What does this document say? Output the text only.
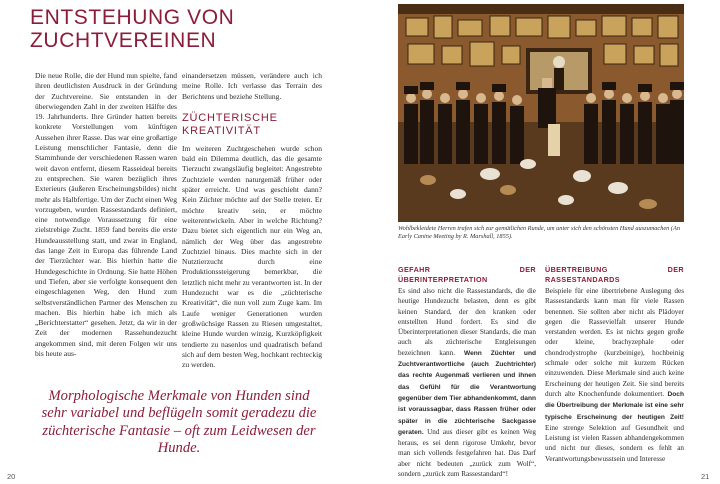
ENTSTEHUNG VON ZUCHTVEREINEN

Die neue Rolle, die der Hund nun spielte, fand ihren deutlichsten Ausdruck in der Gründung der Zuchtvereine. Sie entstanden in der überwiegenden Zahl in der zweiten Hälfte des 19. Jahrhunderts. Ihre Gründer hatten bereits konkrete Vorstellungen vom künftigen Aussehen ihrer Rasse. Das war eine großartige Leistung menschlicher Fantasie, denn die Stammhunde der verschiedenen Rassen waren weit davon entfernt, diesem Rasseideal bereits zu entsprechen. Sie waren bezüglich ihres Exterieurs (äußeren Erscheinungsbildes) nicht mehr als Halbfertige. Um der Zucht einen Weg vorzugeben, wurden Rassestandards definiert, eine notwendige Voraussetzung für eine zielstrebige Zucht. 1859 fand bereits die erste Hundeausstellung statt, und zwar in England, das lange Zeit in Europa das führende Land der Tierzüchter war. Bis hierhin hatte die Hundegeschichte in Ordnung. Sie hatte Höhen und Tiefen, aber sie verfolgte konsequent den eingeschlagenen Weg, den Hund zum selbstverständlichen Partner des Menschen zu machen. Bis hierhin habe ich mich als „Berichterstatter“ gesehen. Jetzt, da wir in der Zeit der modernen Rassehundezucht angekommen sind, mit deren Folgen wir uns bis heute aus-

einandersetzen müssen, verändere auch ich meine Rolle. Ich verlasse das Terrain des Berichtens und beziehe Stellung.

ZÜCHTERISCHE KREATIVITÄT

Im weiteren Zuchtgeschehen wurde schon bald ein Dilemma deutlich, das die gesamte Tierzucht zwangsläufig begleitet: Angestrebte Zuchtziele werden naturgemäß früher oder später erreicht. Und was geschieht dann? Kein Züchter möchte auf der Stelle treten. Er möchte kreativ sein, er möchte weiterentwickeln. Aber in welche Richtung? Dazu bietet sich eigentlich nur ein Weg an, nämlich der Weg über das angestrebte Zuchtziel hinaus. Dies machte sich in der Nutztierzucht durch eine Produktionssteigerung bemerkbar, die letztlich nicht mehr zu verantworten ist. In der Hundezucht war es die „züchterische Kreativität“, die nun voll zum Zuge kam. Im Laufe weniger Generationen wurden großwüchsige Rassen zu Riesen umgestaltet, kleine Hunde wurden winzig, Kurzköpfigkeit tendierte zu nasenlos und quadratisch befand sich auf dem besten Weg, hochkant rechteckig zu werden.

Morphologische Merkmale von Hunden sind sehr variabel und beflügeln somit geradezu die züchterische Fantasie – oft zum Leidwesen der Hunde.
20	21
Wohlbekleidete Herren trafen sich zur gemütlichen Runde, um unter sich den schönsten Hund auszumachen (An Early Canine Meeting by R. Marshall, 1855).
GEFAHR DER ÜBERINTERPRETATION

Es sind also nicht die Rassestandards, die die heutige Hundezucht belasten, denn es gibt keinen Standard, der den kranken oder entstellten Hund fordert. Es sind die Überinterpretationen dieser Standards, die man auch als züchterische Entgleisungen bezeichnen kann. Wenn Züchter und Zuchtverantwortliche (auch Zuchtrichter) das rechte Augenmaß verlieren und ihnen das Gefühl für die Verantwortung gegenüber dem Tier abhandenkommt, dann ist voraussagbar, dass Rassen früher oder später in die züchterische Sackgasse geraten. Und aus dieser gibt es keinen Weg heraus, es sei denn rigorose Umkehr, bevor man sich vollends festgefahren hat. Das Darf aber nicht bedeuten „zurück zum Wolf“, sondern „zurück zum Rassestandard“!

ÜBERTREIBUNG DER RASSESTANDARDS

Beispiele für eine übertriebene Auslegung des Rassestandards kann man für viele Rassen benennen. Sie sollten aber nicht als Plädoyer gegen die Rassevielfalt unserer Hunde verstanden werden. Es ist nichts gegen große oder kleine, brachyzephale oder chondrodystrophe (kurzbeinige), hochbeinig schmale oder solche mit kurzem Rücken einzuwenden. Diese Merkmale sind auch keine Erscheinung der heutigen Zeit. Sie sind bereits durch alte Knochenfunde dokumentiert. Doch die Übertreibung der Merkmale ist eine sehr typische Erscheinung der heutigen Zeit! Eine strenge Selektion auf Gesundheit und Leistung ist vielen Rassen abhandengekommen und nicht nur dieses, sondern es fehlt an Verantwortungsbewusstsein und Interesse
